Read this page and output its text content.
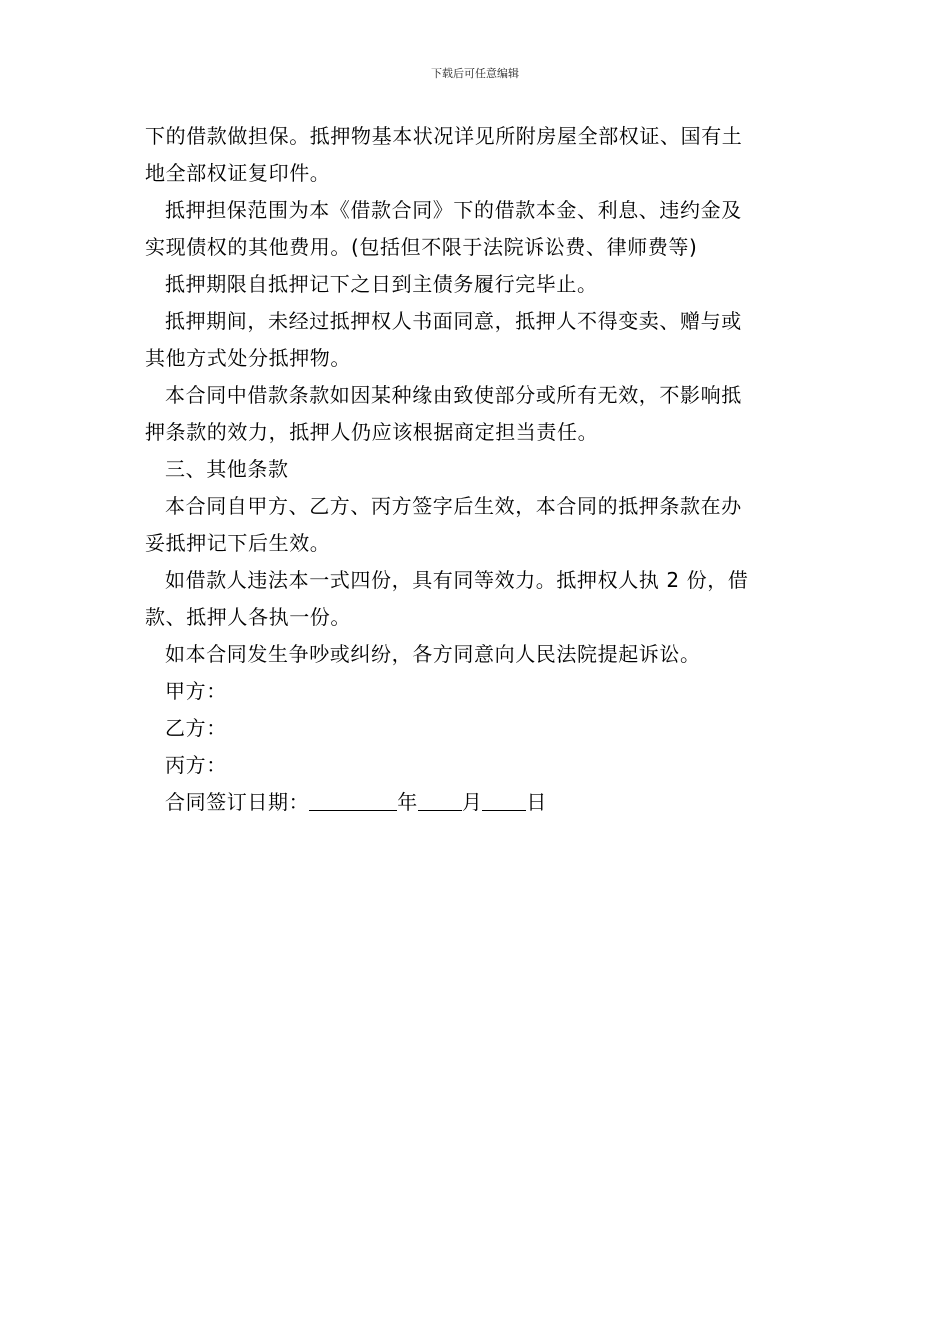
下载后可任意编辑

下的借款做担保。抵押物基本状况详见所附房屋全部权证、国有土

地全部权证复印件。

抵押担保范围为本《借款合同》下的借款本金、利息、违约金及

实现债权的其他费用。(包括但不限于法院诉讼费、律师费等)

抵押期限自抵押记下之日到主债务履行完毕止。

抵押期间，未经过抵押权人书面同意，抵押人不得变卖、赠与或

其他方式处分抵押物。

本合同中借款条款如因某种缘由致使部分或所有无效，不影响抵

押条款的效力，抵押人仍应该根据商定担当责任。

三、其他条款

本合同自甲方、乙方、丙方签字后生效，本合同的抵押条款在办

妥抵押记下后生效。

如借款人违法本一式四份，具有同等效力。抵押权人执 2 份，借

款、抵押人各执一份。

如本合同发生争吵或纠纷，各方同意向人民法院提起诉讼。

甲方：

乙方：

丙方：

合同签订日期：	年 月 日
